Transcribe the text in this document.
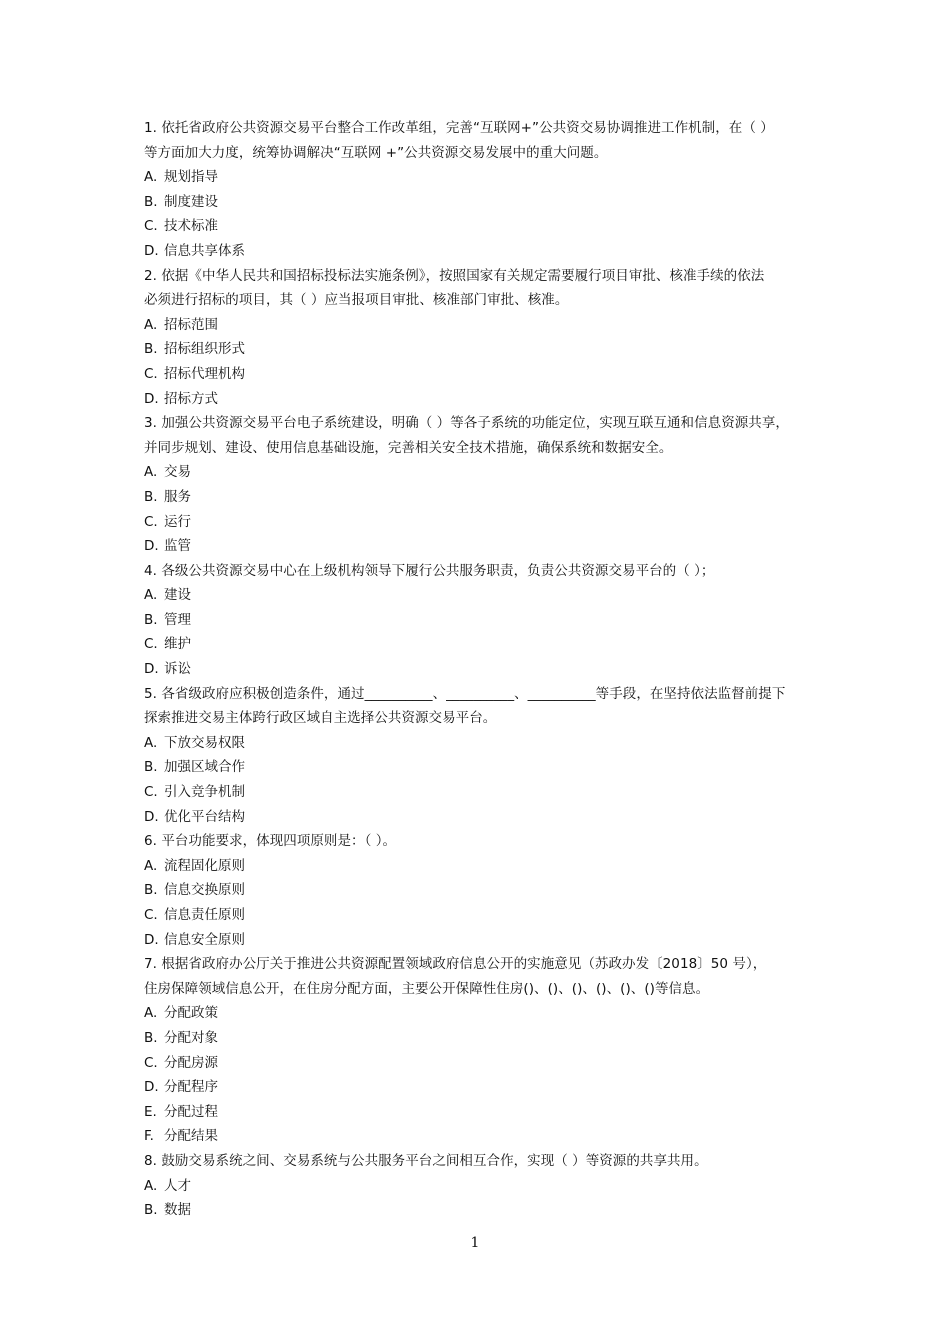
1. 依托省政府公共资源交易平台整合工作改革组，完善“互联网+”公共资交易协调推进工作机制，在（ ）
等方面加大力度，统筹协调解决“互联网 +”公共资源交易发展中的重大问题。
A. 规划指导
B. 制度建设
C. 技术标准
D. 信息共享体系
2. 依据《中华人民共和国招标投标法实施条例》，按照国家有关规定需要履行项目审批、核准手续的依法
必须进行招标的项目，其（ ）应当报项目审批、核准部门审批、核准。
A. 招标范围
B. 招标组织形式
C. 招标代理机构
D. 招标方式
3. 加强公共资源交易平台电子系统建设，明确（ ）等各子系统的功能定位，实现互联互通和信息资源共享，
并同步规划、建设、使用信息基础设施，完善相关安全技术措施，确保系统和数据安全。
A. 交易
B. 服务
C. 运行
D. 监管
4. 各级公共资源交易中心在上级机构领导下履行公共服务职责，负责公共资源交易平台的（ ）；
A. 建设
B. 管理
C. 维护
D. 诉讼
5. 各省级政府应积极创造条件，通过__________、__________、__________等手段，在坚持依法监督前提下
探索推进交易主体跨行政区域自主选择公共资源交易平台。
A. 下放交易权限
B. 加强区域合作
C. 引入竞争机制
D. 优化平台结构
6. 平台功能要求，体现四项原则是：（ ）。
A. 流程固化原则
B. 信息交换原则
C. 信息责任原则
D. 信息安全原则
7. 根据省政府办公厅关于推进公共资源配置领域政府信息公开的实施意见（苏政办发〔2018〕50 号），
住房保障领域信息公开，在住房分配方面，主要公开保障性住房()、()、()、()、()、()等信息。
A. 分配政策
B. 分配对象
C. 分配房源
D. 分配程序
E. 分配过程
F. 分配结果
8. 鼓励交易系统之间、交易系统与公共服务平台之间相互合作，实现（ ）等资源的共享共用。
A. 人才
B. 数据
1
